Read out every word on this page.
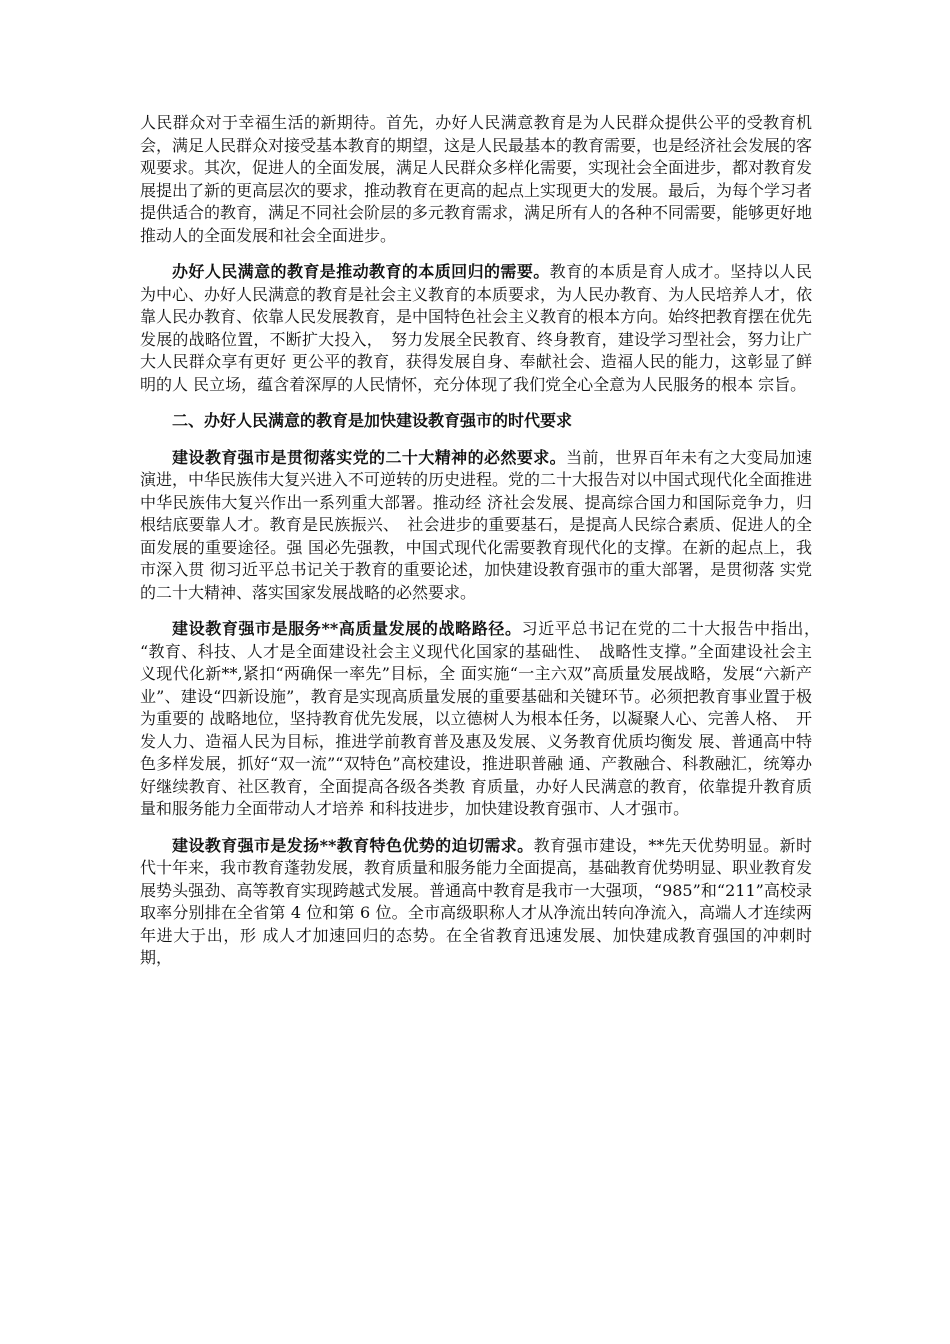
人民群众对于幸福生活的新期待。首先，办好人民满意教育是为人民群众提供公平的受教育机会，满足人民群众对接受基本教育的期望，这是人民最基本的教育需要，也是经济社会发展的客观要求。其次，促进人的全面发展，满足人民群众多样化需要，实现社会全面进步，都对教育发展提出了新的更高层次的要求，推动教育在更高的起点上实现更大的发展。最后，为每个学习者提供适合的教育，满足不同社会阶层的多元教育需求，满足所有人的各种不同需要，能够更好地推动人的全面发展和社会全面进步。

办好人民满意的教育是推动教育的本质回归的需要。教育的本质是育人成才。坚持以人民为中心、办好人民满意的教育是社会主义教育的本质要求，为人民办教育、为人民培养人才，依靠人民办教育、依靠人民发展教育，是中国特色社会主义教育的根本方向。始终把教育摆在优先发展的战略位置，不断扩大投入，　努力发展全民教育、终身教育，建设学习型社会，努力让广大人民群众享有更好 更公平的教育，获得发展自身、奉献社会、造福人民的能力，这彰显了鲜明的人 民立场，蕴含着深厚的人民情怀，充分体现了我们党全心全意为人民服务的根本 宗旨。

二、办好人民满意的教育是加快建设教育强市的时代要求

建设教育强市是贯彻落实党的二十大精神的必然要求。当前，世界百年未有之大变局加速演进，中华民族伟大复兴进入不可逆转的历史进程。党的二十大报告对以中国式现代化全面推进中华民族伟大复兴作出一系列重大部署。推动经 济社会发展、提高综合国力和国际竞争力，归根结底要靠人才。教育是民族振兴、　社会进步的重要基石，是提高人民综合素质、促进人的全面发展的重要途径。强 国必先强教，中国式现代化需要教育现代化的支撑。在新的起点上，我市深入贯 彻习近平总书记关于教育的重要论述，加快建设教育强市的重大部署，是贯彻落 实党的二十大精神、落实国家发展战略的必然要求。

建设教育强市是服务**高质量发展的战略路径。习近平总书记在党的二十大报告中指出，　“教育、科技、人才是全面建设社会主义现代化国家的基础性、　战略性支撑。”全面建设社会主义现代化新**,紧扣“两确保一率先”目标，全 面实施“一主六双”高质量发展战略，发展“六新产业”、建设“四新设施”，教育是实现高质量发展的重要基础和关键环节。必须把教育事业置于极为重要的 战略地位，坚持教育优先发展，以立德树人为根本任务，以凝聚人心、完善人格、　开发人力、造福人民为目标，推进学前教育普及惠及发展、义务教育优质均衡发 展、普通高中特色多样发展，抓好“双一流”“双特色”高校建设，推进职普融 通、产教融合、科教融汇，统筹办好继续教育、社区教育，全面提高各级各类教 育质量，办好人民满意的教育，依靠提升教育质量和服务能力全面带动人才培养 和科技进步，加快建设教育强市、人才强市。

建设教育强市是发扬**教育特色优势的迫切需求。教育强市建设，**先天优势明显。新时代十年来，我市教育蓬勃发展，教育质量和服务能力全面提高，基础教育优势明显、职业教育发展势头强劲、高等教育实现跨越式发展。普通高中教育是我市一大强项，“985”和“211”高校录取率分别排在全省第 4 位和第 6 位。全市高级职称人才从净流出转向净流入，高端人才连续两年进大于出，形 成人才加速回归的态势。在全省教育迅速发展、加快建成教育强国的冲刺时期，
